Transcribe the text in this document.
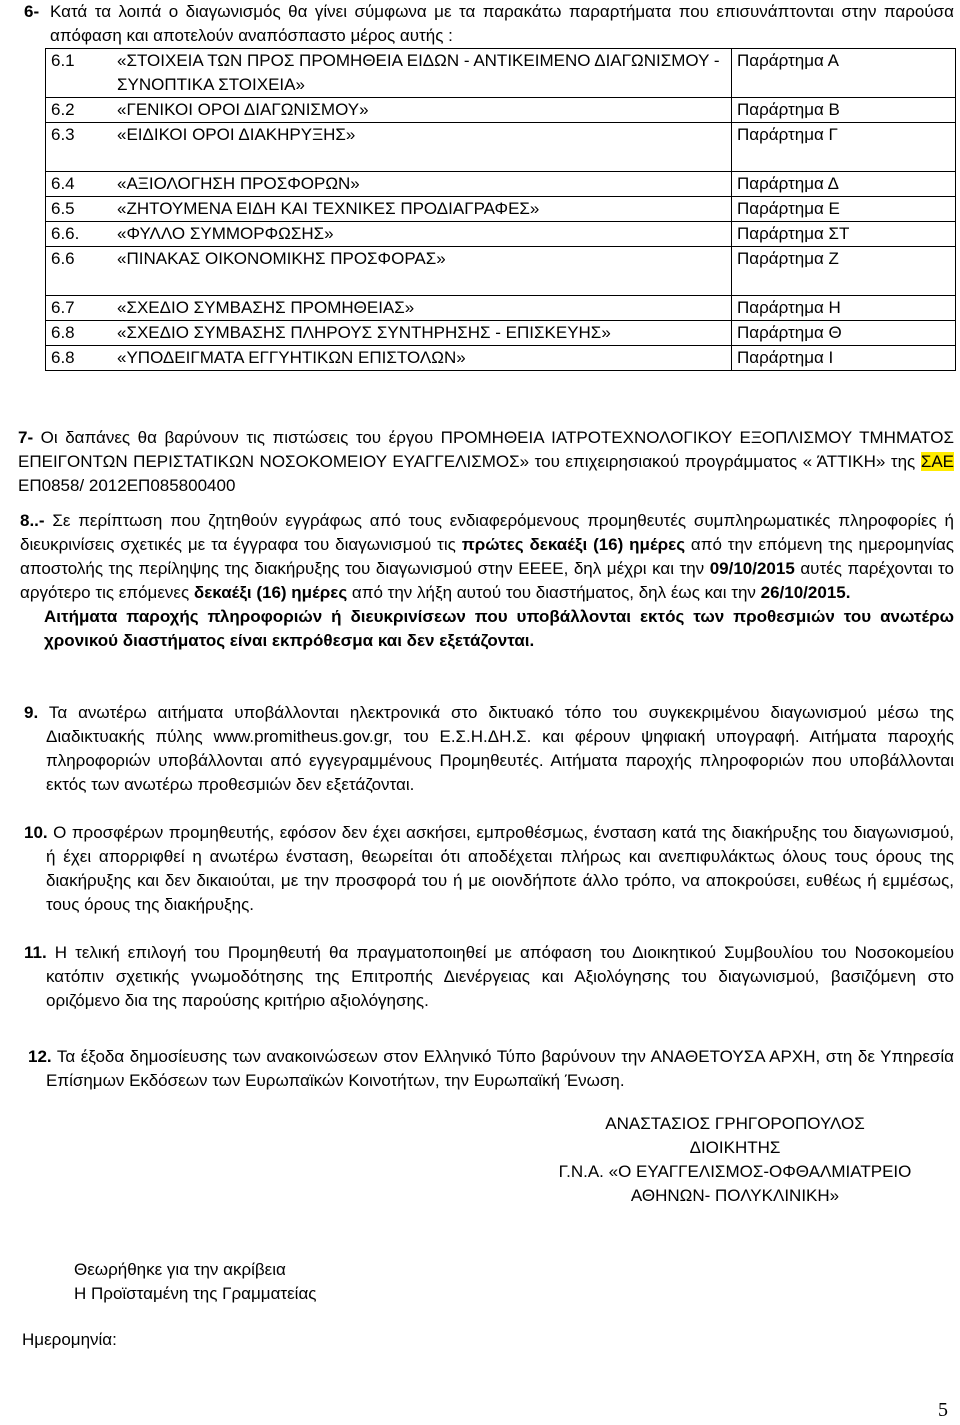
6- Κατά τα λοιπά ο διαγωνισμός θα γίνει σύμφωνα με τα παρακάτω παραρτήματα που επισυνάπτονται στην παρούσα απόφαση και αποτελούν αναπόσπαστο μέρος αυτής :

6.1	«ΣΤΟΙΧΕΙΑ ΤΩΝ ΠΡΟΣ ΠΡΟΜΗΘΕΙΑ ΕΙΔΩΝ - ΑΝΤΙΚΕΙΜΕΝΟ ΔΙΑΓΩΝΙΣΜΟΥ - ΣΥΝΟΠΤΙΚΑ ΣΤΟΙΧΕΙΑ»	Παράρτημα Α
6.2	«ΓΕΝΙΚΟΙ ΟΡΟΙ ΔΙΑΓΩΝΙΣΜΟΥ»	Παράρτημα Β
6.3	«ΕΙΔΙΚΟΙ ΟΡΟΙ ΔΙΑΚΗΡΥΞΗΣ»	Παράρτημα Γ
6.4	«ΑΞΙΟΛΟΓΗΣΗ ΠΡΟΣΦΟΡΩΝ»	Παράρτημα Δ
6.5	«ΖΗΤΟΥΜΕΝΑ ΕΙΔΗ ΚΑΙ ΤΕΧΝΙΚΕΣ ΠΡΟΔΙΑΓΡΑΦΕΣ»	Παράρτημα Ε
6.6.	«ΦΥΛΛΟ ΣΥΜΜΟΡΦΩΣΗΣ»	Παράρτημα ΣΤ
6.6	«ΠΙΝΑΚΑΣ ΟΙΚΟΝΟΜΙΚΗΣ ΠΡΟΣΦΟΡΑΣ»	Παράρτημα Ζ
6.7	«ΣΧΕΔΙΟ ΣΥΜΒΑΣΗΣ ΠΡΟΜΗΘΕΙΑΣ»	Παράρτημα Η
6.8	«ΣΧΕΔΙΟ ΣΥΜΒΑΣΗΣ ΠΛΗΡΟΥΣ ΣΥΝΤΗΡΗΣΗΣ - ΕΠΙΣΚΕΥΗΣ»	Παράρτημα Θ
6.8	«ΥΠΟΔΕΙΓΜΑΤΑ ΕΓΓΥΗΤΙΚΩΝ ΕΠΙΣΤΟΛΩΝ»	Παράρτημα Ι

7- Οι δαπάνες θα βαρύνουν τις πιστώσεις του έργου ΠΡΟΜΗΘΕΙΑ ΙΑΤΡΟΤΕΧΝΟΛΟΓΙΚΟΥ ΕΞΟΠΛΙΣΜΟΥ ΤΜΗΜΑΤΟΣ ΕΠΕΙΓΟΝΤΩΝ ΠΕΡΙΣΤΑΤΙΚΩΝ ΝΟΣΟΚΟΜΕΙΟΥ ΕΥΑΓΓΕΛΙΣΜΟΣ» του επιχειρησιακού προγράμματος « ΆΤΤΙΚΗ» της ΣΑΕ ΕΠ0858/ 2012ΕΠ085800400

8..- Σε περίπτωση που ζητηθούν εγγράφως από τους ενδιαφερόμενους προμηθευτές συμπληρωματικές πληροφορίες ή διευκρινίσεις σχετικές με τα έγγραφα του διαγωνισμού τις πρώτες δεκαέξι (16) ημέρες από την επόμενη της ημερομηνίας αποστολής της περίληψης της διακήρυξης του διαγωνισμού στην ΕΕΕΕ, δηλ μέχρι και την 09/10/2015 αυτές παρέχονται το αργότερο τις επόμενες δεκαέξι (16) ημέρες από την λήξη αυτού του διαστήματος, δηλ έως και την 26/10/2015.

Αιτήματα παροχής πληροφοριών ή διευκρινίσεων που υποβάλλονται εκτός των προθεσμιών του ανωτέρω χρονικού διαστήματος είναι εκπρόθεσμα και δεν εξετάζονται.

9. Τα ανωτέρω αιτήματα υποβάλλονται ηλεκτρονικά στο δικτυακό τόπο του συγκεκριμένου διαγωνισμού μέσω της Διαδικτυακής πύλης www.promitheus.gov.gr, του Ε.Σ.Η.ΔΗ.Σ. και φέρουν ψηφιακή υπογραφή. Αιτήματα παροχής πληροφοριών υποβάλλονται από εγγεγραμμένους Προμηθευτές. Αιτήματα παροχής πληροφοριών που υποβάλλονται εκτός των ανωτέρω προθεσμιών δεν εξετάζονται.

10. Ο προσφέρων προμηθευτής, εφόσον δεν έχει ασκήσει, εμπροθέσμως, ένσταση κατά της διακήρυξης του διαγωνισμού, ή έχει απορριφθεί η ανωτέρω ένσταση, θεωρείται ότι αποδέχεται πλήρως και ανεπιφυλάκτως όλους τους όρους της διακήρυξης και δεν δικαιούται, με την προσφορά του ή με οιονδήποτε άλλο τρόπο, να αποκρούσει, ευθέως ή εμμέσως, τους όρους της διακήρυξης.

11. Η τελική επιλογή του Προμηθευτή θα πραγματοποιηθεί με απόφαση του Διοικητικού Συμβουλίου του Νοσοκομείου κατόπιν σχετικής γνωμοδότησης της Επιτροπής Διενέργειας και Αξιολόγησης του διαγωνισμού, βασιζόμενη στο οριζόμενο δια της παρούσης κριτήριο αξιολόγησης.

12. Τα έξοδα δημοσίευσης των ανακοινώσεων στον Ελληνικό Τύπο βαρύνουν την ΑΝΑΘΕΤΟΥΣΑ ΑΡΧΗ, στη δε Υπηρεσία Επίσημων Εκδόσεων των Ευρωπαϊκών Κοινοτήτων, την Ευρωπαϊκή Ένωση.

ΑΝΑΣΤΑΣΙΟΣ ΓΡΗΓΟΡΟΠΟΥΛΟΣ
ΔΙΟΙΚΗΤΗΣ
Γ.Ν.Α. «Ο ΕΥΑΓΓΕΛΙΣΜΟΣ-ΟΦΘΑΛΜΙΑΤΡΕΙΟ
ΑΘΗΝΩΝ- ΠΟΛΥΚΛΙΝΙΚΗ»
Θεωρήθηκε για την ακρίβεια
Η Προϊσταμένη της Γραμματείας
Ημερομηνία:
5
